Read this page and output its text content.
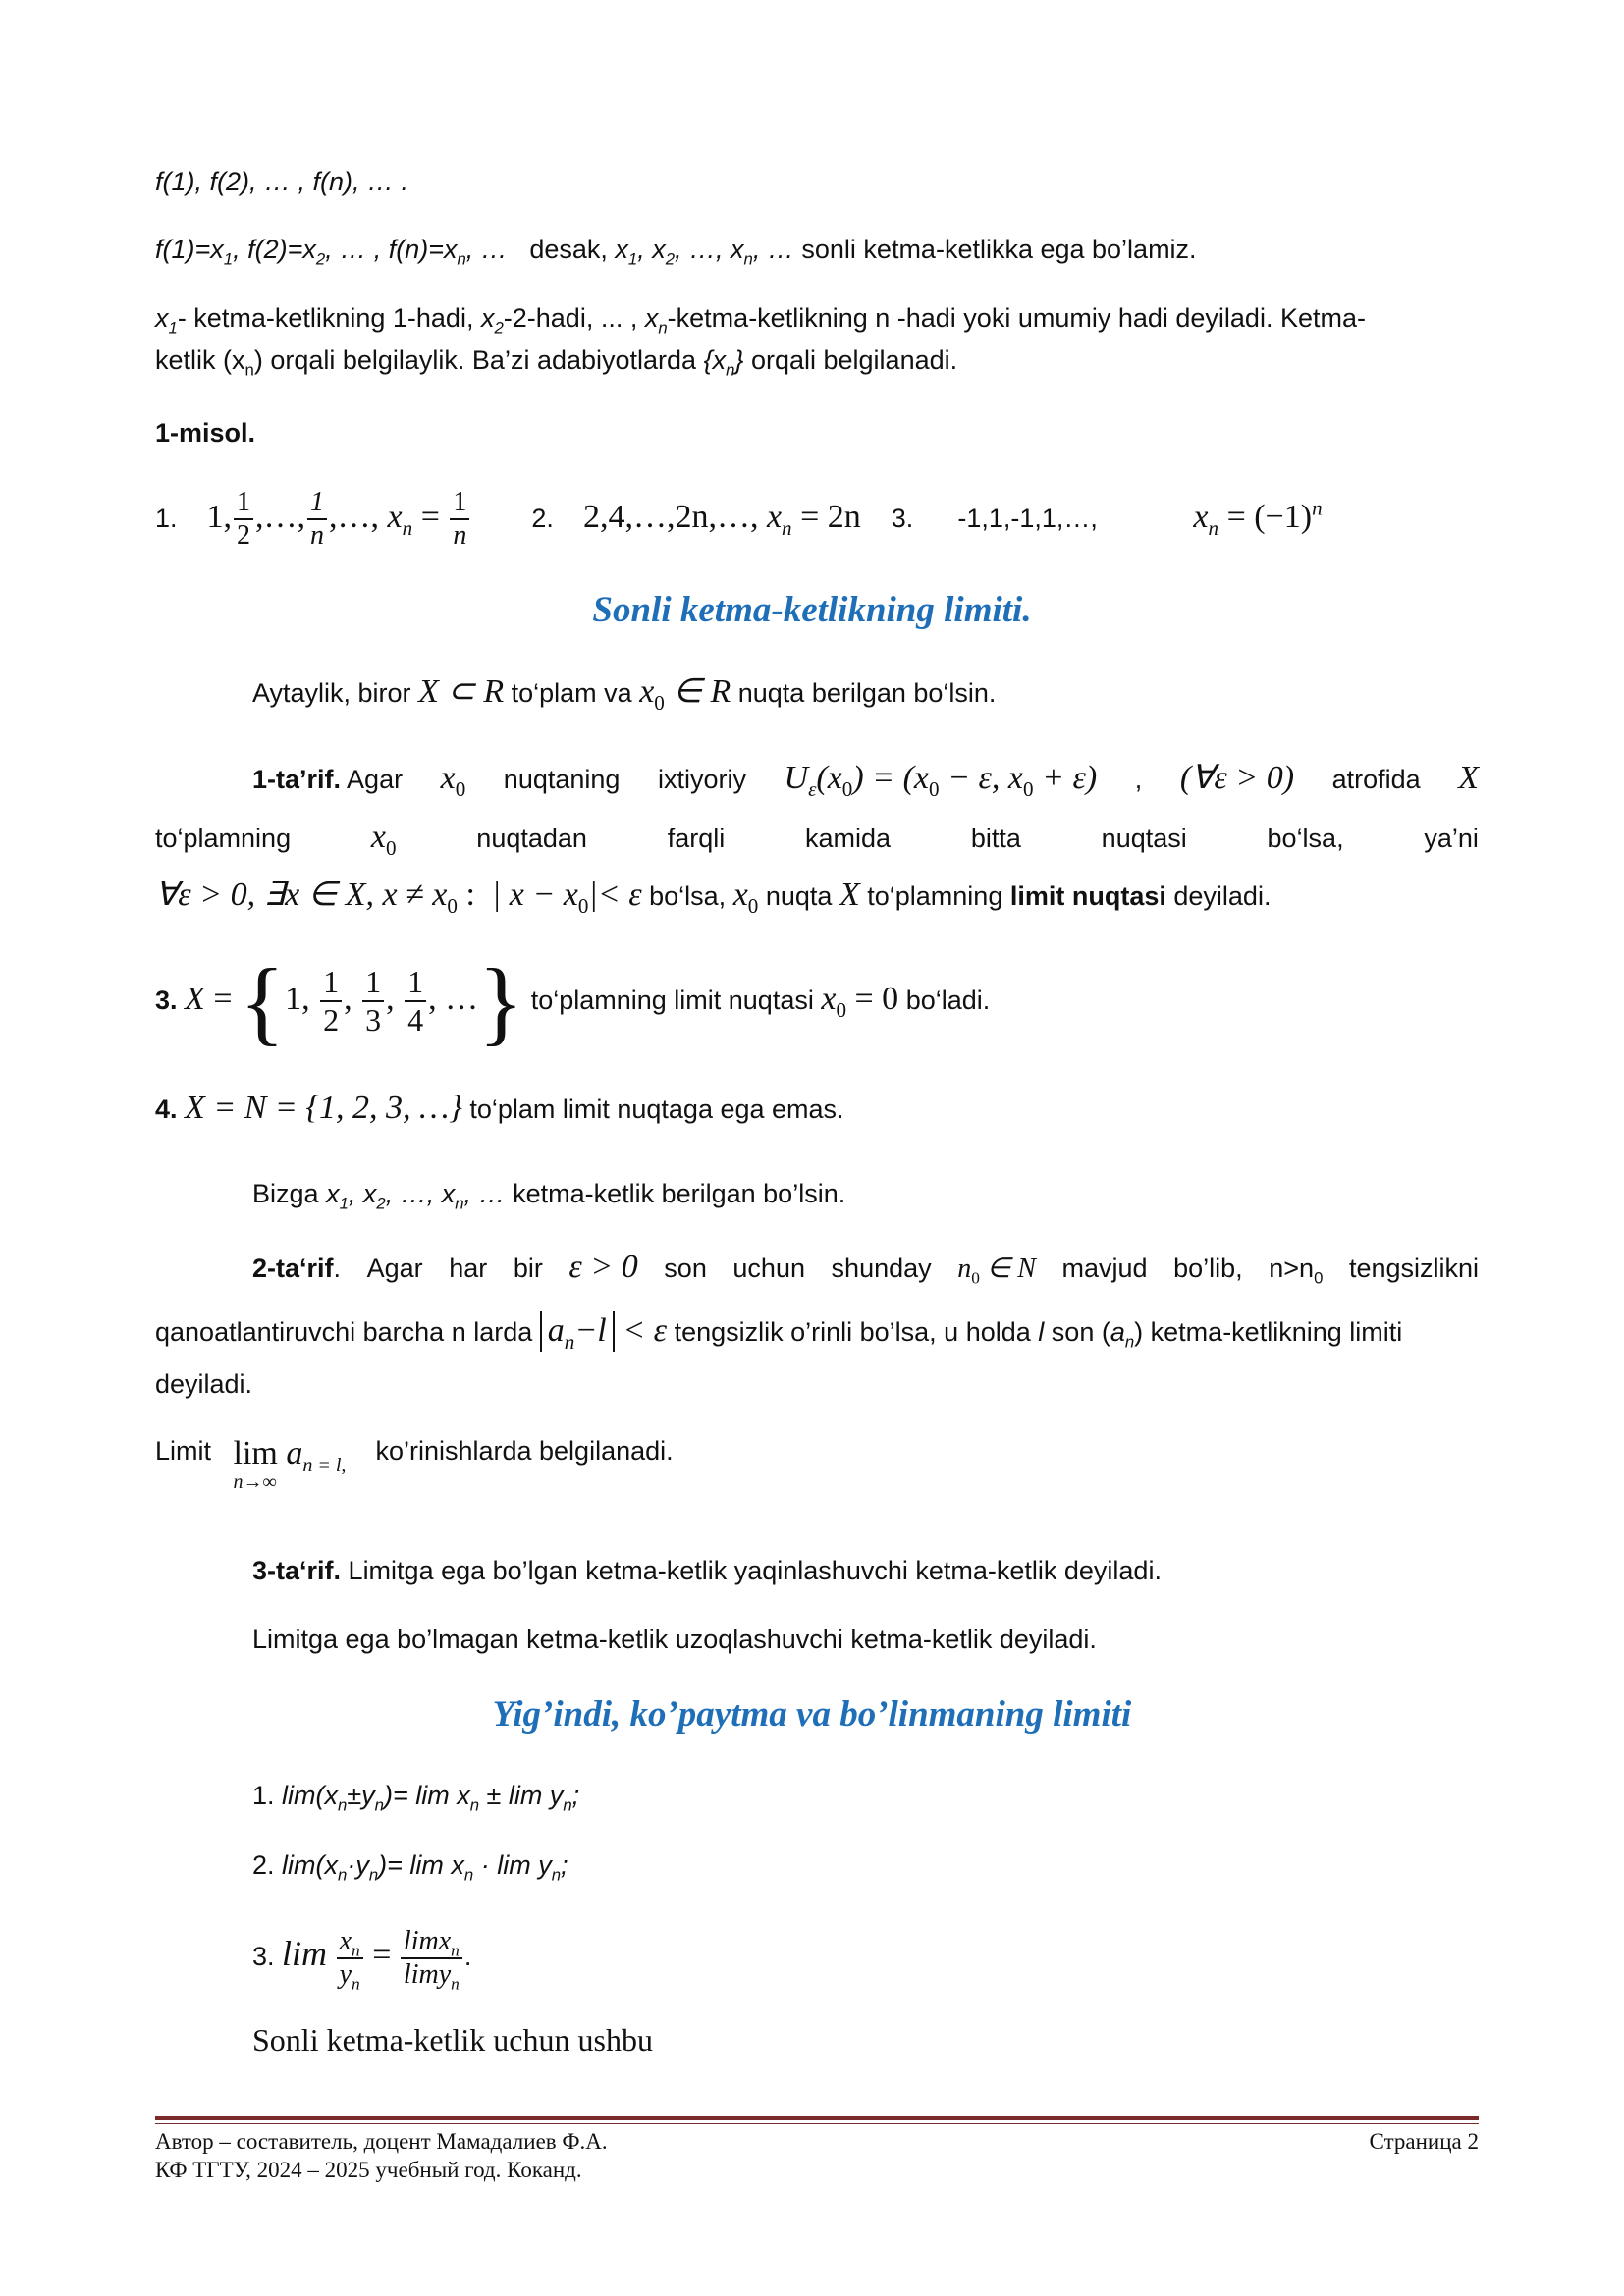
f(1), f(2), … , f(n), … .
$f(1)=x_1$, $f(2)=x_2$, … , $f(n)=x_n$, … desak, $x_1$, $x_2$, …, $x_n$, … sonli ketma-ketlikka ega bo’lamiz.
$x_1-$ ketma-ketlikning 1-hadi, $x_2-2$-hadi, ... , $x_n-ketma$-ketlikning n -hadi yoki umumiy hadi deyiladi. Ketma-
ketlik $(x_n)$ orqali belgilaylik. Ba’zi adabiyotlarda $\{x_n\}$ orqali belgilanadi.
1-misol.
1. 1, $\frac{1}{2}$ ,…, $\frac{1}{n}$ ,…, $x_n = \frac{1}{n} 2$. 2,4,…,2n,…, $x_n = 2n$ 3. -1,1,-1,1,…,	$x_n = (-1)^n$
Sonli ketma-ketlikning limiti.
Aytaylik, biror X ⊂ R to‘plam va $x_0$ ∈ R nuqta berilgan bo‘lsin.
1-ta’rif. Agar $x_0$ nuqtaning ixtiyoriy $U_\varepsilon(x_0) = (x_0 - \varepsilon$, $x_0 + \varepsilon$) , (∀ε > 0) atrofida X
to‘plamning $x_0$	nuqtadan	farqli	kamida	bitta	nuqtasi	bo‘lsa,	ya’ni
∀ε > 0, ∃x ∈ X, $x \ne x_0$ : | $x - x_0|< \varepsilon$ bo‘lsa, $x_0$ nuqta X to‘plamning limit nuqtasi deyiladi.
3. X = {1, $\frac{1}{2}$ , $\frac{1}{3}$ , $\frac{1}{4}$ , …} to‘plamning limit nuqtasi $x_0 = 0$ bo‘ladi.
4. X = N = {1, 2, 3, …} to‘plam limit nuqtaga ega emas.
Bizga $x_1$, $x_2$, …, $x_n$, … ketma-ketlik berilgan bo’lsin.
2-ta‘rif. Agar har bir ε > 0 son uchun shunday $n_0$ ∈ N mavjud bo’lib, $n>n_0$ tengsizlikni
qanoatlantiruvchi barcha n larda $a_n-l < \varepsilon$ tengsizlik o’rinli bo’lsa, u holda l son $(a_n)$ ketma-ketlikning limiti
deyiladi.
Limit $\lim a_{n = l,}$
n→∞
ko’rinishlarda belgilanadi.
3-ta‘rif. Limitga ega bo’lgan ketma-ketlik yaqinlashuvchi ketma-ketlik deyiladi.
Limitga ega bo’lmagan ketma-ketlik uzoqlashuvchi ketma-ketlik deyiladi.
Yig’indi, ko’paytma va bo’linmaning limiti
1. $\lim(x_n\pm y_n)= \lim x_n \pm \lim y_n$;
2. $\lim(x_n\cdot y_n)= \lim x_n \cdot \lim y_n$;
3. $\lim \frac{x_n}{y_n} = \frac{\lim x_n}{\lim y_n}$ .
Sonli ketma-ketlik uchun ushbu
Автор – составитель, доцент Мамадалиев Ф.А.
КФ ТГТУ, 2024 – 2025 учебный год. Коканд.
Страница 2
